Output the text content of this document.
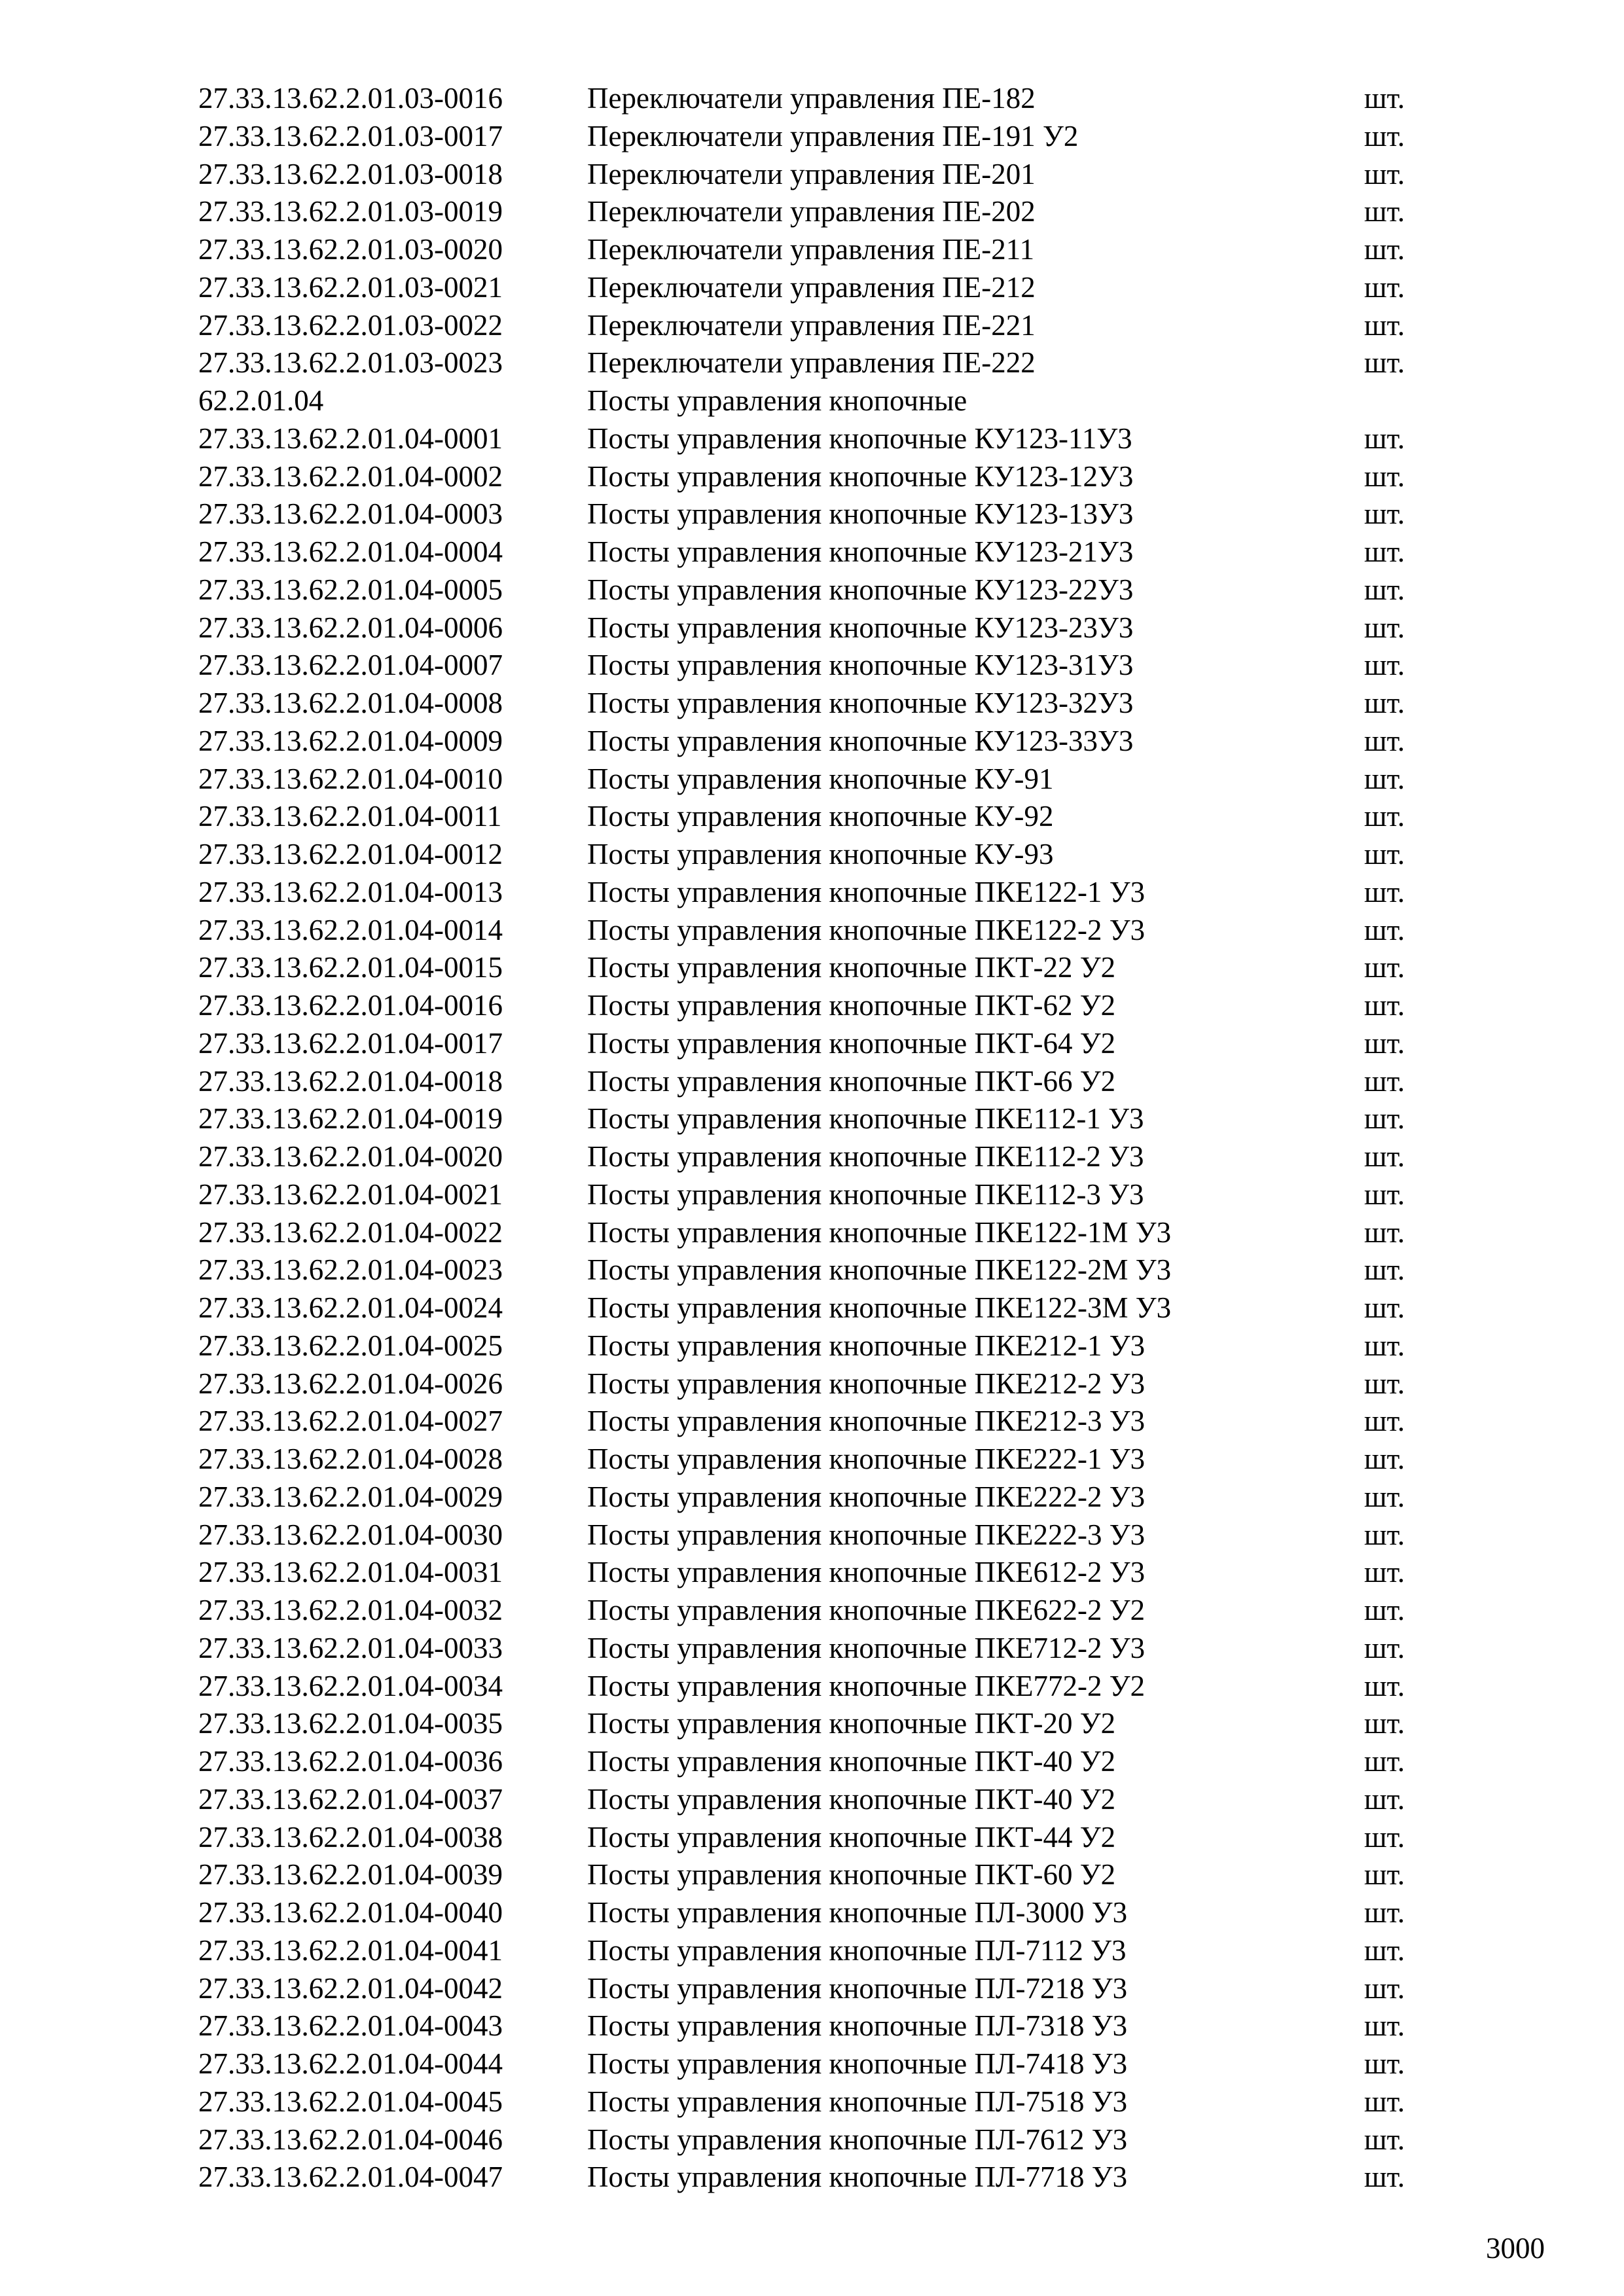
27.33.13.62.2.01.03-0016	Переключатели управления ПЕ-182	шт.
27.33.13.62.2.01.03-0017	Переключатели управления ПЕ-191 У2	шт.
27.33.13.62.2.01.03-0018	Переключатели управления ПЕ-201	шт.
27.33.13.62.2.01.03-0019	Переключатели управления ПЕ-202	шт.
27.33.13.62.2.01.03-0020	Переключатели управления ПЕ-211	шт.
27.33.13.62.2.01.03-0021	Переключатели управления ПЕ-212	шт.
27.33.13.62.2.01.03-0022	Переключатели управления ПЕ-221	шт.
27.33.13.62.2.01.03-0023	Переключатели управления ПЕ-222	шт.
62.2.01.04	Посты управления кнопочные
27.33.13.62.2.01.04-0001	Посты управления кнопочные КУ123-11У3	шт.
27.33.13.62.2.01.04-0002	Посты управления кнопочные КУ123-12У3	шт.
27.33.13.62.2.01.04-0003	Посты управления кнопочные КУ123-13У3	шт.
27.33.13.62.2.01.04-0004	Посты управления кнопочные КУ123-21У3	шт.
27.33.13.62.2.01.04-0005	Посты управления кнопочные КУ123-22У3	шт.
27.33.13.62.2.01.04-0006	Посты управления кнопочные КУ123-23У3	шт.
27.33.13.62.2.01.04-0007	Посты управления кнопочные КУ123-31У3	шт.
27.33.13.62.2.01.04-0008	Посты управления кнопочные КУ123-32У3	шт.
27.33.13.62.2.01.04-0009	Посты управления кнопочные КУ123-33У3	шт.
27.33.13.62.2.01.04-0010	Посты управления кнопочные КУ-91	шт.
27.33.13.62.2.01.04-0011	Посты управления кнопочные КУ-92	шт.
27.33.13.62.2.01.04-0012	Посты управления кнопочные КУ-93	шт.
27.33.13.62.2.01.04-0013	Посты управления кнопочные ПКЕ122-1 У3	шт.
27.33.13.62.2.01.04-0014	Посты управления кнопочные ПКЕ122-2 У3	шт.
27.33.13.62.2.01.04-0015	Посты управления кнопочные ПКТ-22 У2	шт.
27.33.13.62.2.01.04-0016	Посты управления кнопочные ПКТ-62 У2	шт.
27.33.13.62.2.01.04-0017	Посты управления кнопочные ПКТ-64 У2	шт.
27.33.13.62.2.01.04-0018	Посты управления кнопочные ПКТ-66 У2	шт.
27.33.13.62.2.01.04-0019	Посты управления кнопочные ПКЕ112-1 У3	шт.
27.33.13.62.2.01.04-0020	Посты управления кнопочные ПКЕ112-2 У3	шт.
27.33.13.62.2.01.04-0021	Посты управления кнопочные ПКЕ112-3 У3	шт.
27.33.13.62.2.01.04-0022	Посты управления кнопочные ПКЕ122-1М У3	шт.
27.33.13.62.2.01.04-0023	Посты управления кнопочные ПКЕ122-2М У3	шт.
27.33.13.62.2.01.04-0024	Посты управления кнопочные ПКЕ122-3М У3	шт.
27.33.13.62.2.01.04-0025	Посты управления кнопочные ПКЕ212-1 У3	шт.
27.33.13.62.2.01.04-0026	Посты управления кнопочные ПКЕ212-2 У3	шт.
27.33.13.62.2.01.04-0027	Посты управления кнопочные ПКЕ212-3 У3	шт.
27.33.13.62.2.01.04-0028	Посты управления кнопочные ПКЕ222-1 У3	шт.
27.33.13.62.2.01.04-0029	Посты управления кнопочные ПКЕ222-2 У3	шт.
27.33.13.62.2.01.04-0030	Посты управления кнопочные ПКЕ222-3 У3	шт.
27.33.13.62.2.01.04-0031	Посты управления кнопочные ПКЕ612-2 У3	шт.
27.33.13.62.2.01.04-0032	Посты управления кнопочные ПКЕ622-2 У2	шт.
27.33.13.62.2.01.04-0033	Посты управления кнопочные ПКЕ712-2 У3	шт.
27.33.13.62.2.01.04-0034	Посты управления кнопочные ПКЕ772-2 У2	шт.
27.33.13.62.2.01.04-0035	Посты управления кнопочные ПКТ-20 У2	шт.
27.33.13.62.2.01.04-0036	Посты управления кнопочные ПКТ-40 У2	шт.
27.33.13.62.2.01.04-0037	Посты управления кнопочные ПКТ-40 У2	шт.
27.33.13.62.2.01.04-0038	Посты управления кнопочные ПКТ-44 У2	шт.
27.33.13.62.2.01.04-0039	Посты управления кнопочные ПКТ-60 У2	шт.
27.33.13.62.2.01.04-0040	Посты управления кнопочные ПЛ-3000 У3	шт.
27.33.13.62.2.01.04-0041	Посты управления кнопочные ПЛ-7112 У3	шт.
27.33.13.62.2.01.04-0042	Посты управления кнопочные ПЛ-7218 У3	шт.
27.33.13.62.2.01.04-0043	Посты управления кнопочные ПЛ-7318 У3	шт.
27.33.13.62.2.01.04-0044	Посты управления кнопочные ПЛ-7418 У3	шт.
27.33.13.62.2.01.04-0045	Посты управления кнопочные ПЛ-7518 У3	шт.
27.33.13.62.2.01.04-0046	Посты управления кнопочные ПЛ-7612 У3	шт.
27.33.13.62.2.01.04-0047	Посты управления кнопочные ПЛ-7718 У3	шт.
3000
